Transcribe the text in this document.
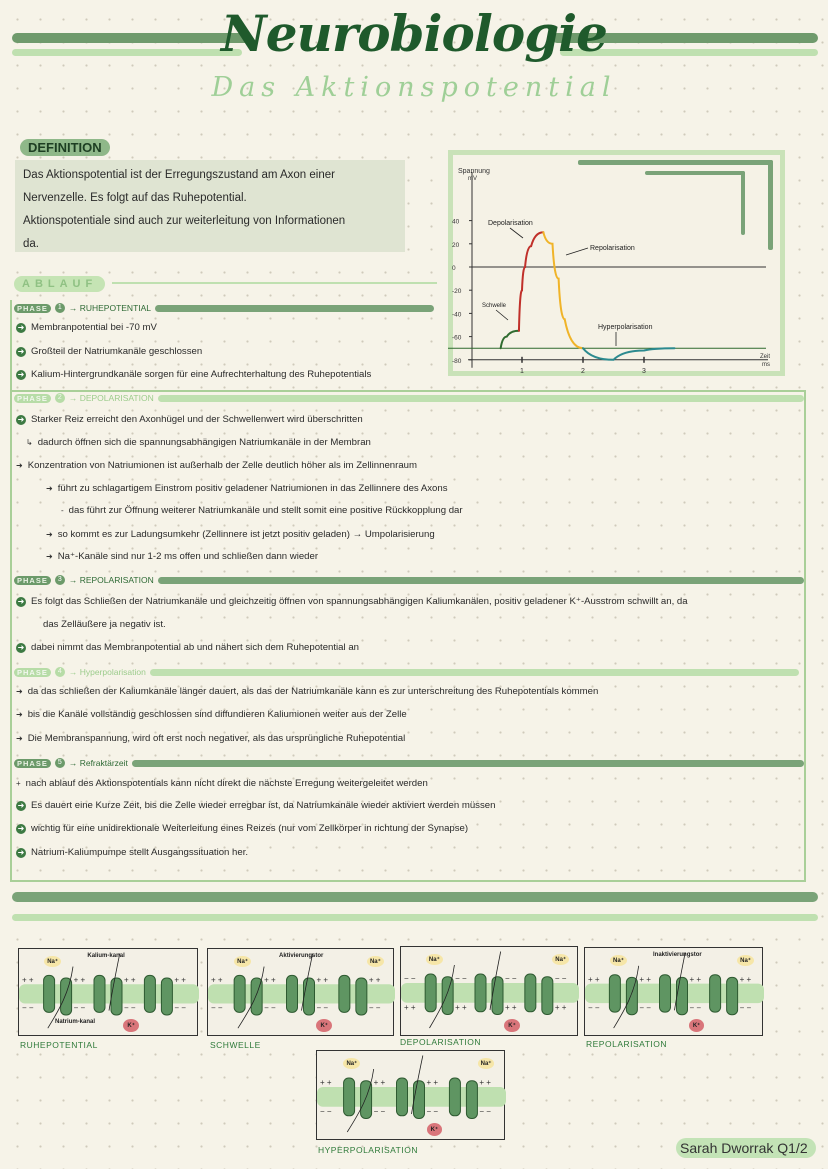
Neurobiologie
Das Aktionspotential
DEFINITION
Das Aktionspotential ist der Erregungszustand am Axon einer
Nervenzelle. Es folgt auf das Ruhepotential.
Aktionspotentiale sind auch zur weiterleitung von Informationen
da.
Spannung
mV
Zeit
ms
40
20
0
-20
-40
-60
-80
1	2	3
Depolarisation
Repolarisation
Schwelle
Hyperpolarisation
ABLAUF
PHASE	1 → RUHEPOTENTIAL
➜ Membranpotential bei -70 mV
➜ Großteil der Natriumkanäle geschlossen
➜ Kalium-Hintergrundkanäle sorgen für eine Aufrechterhaltung des Ruhepotentials
PHASE	2 → DEPOLARISATION
➜ Starker Reiz erreicht den Axonhügel und der Schwellenwert wird überschritten
↳ dadurch öffnen sich die spannungsabhängigen Natriumkanäle in der Membran
➜ Konzentration von Natriumionen ist außerhalb der Zelle deutlich höher als im Zellinnenraum
➜ führt zu schlagartigem Einstrom positiv geladener Natriumionen in das Zellinnere des Axons
- das führt zur Öffnung weiterer Natriumkanäle und stellt somit eine positive Rückkopplung dar
➜ so kommt es zur Ladungsumkehr (Zellinnere ist jetzt positiv geladen) → Umpolarisierung
➜ Na⁺-Kanäle sind nur 1-2 ms offen und schließen dann wieder
PHASE	3 → REPOLARISATION
➜ Es folgt das Schließen der Natriumkanäle und gleichzeitig öffnen von spannungsabhängigen Kaliumkanälen, positiv geladener K⁺-Ausstrom schwillt an, da
das Zelläußere ja negativ ist.
➜ dabei nimmt das Membranpotential ab und nähert sich dem Ruhepotential an
PHASE	4 → Hyperpolarisation
➜ da das schließen der Kaliumkanäle länger dauert, als das der Natriumkanäle kann es zur unterschreitung des Ruhepotentials kommen
➜ bis die Kanäle vollständig geschlossen sind diffundieren Kaliumionen weiter aus der Zelle
➜ Die Membranspannung, wird oft erst noch negativer, als das ursprüngliche Ruhepotential
PHASE	5 → Refraktärzeit
+ nach ablauf des Aktionspotentials kann nicht direkt die nächste Erregung weitergeleitet werden
➜ Es dauert eine Kurze Zeit, bis die Zelle wieder erregbar ist, da Natriumkanäle wieder aktiviert werden müssen
➜ wichtig für eine unidirektionale Weiterleitung eines Reizes (nur vom Zellkörper in richtung der Synapse)
➜ Natrium-Kaliumpumpe stellt Ausgangssituation her.
+ +
− −
+ +
− −
+ +
− −
+ +
− −
Na⁺
Kalium-kanal
Natrium-kanal
K⁺
RUHEPOTENTIAL
+ +
− −
+ +
− −
+ +
− −
+ +
− −
Aktivierungstor
Na⁺	Na⁺
K⁺
SCHWELLE
− −
+ +
− −
+ +
− −
+ +
− −
+ +
Na⁺	Na⁺
K⁺
DEPOLARISATION
+ +
− −
+ +
− −
+ +
− −
+ +
− −
Na⁺	Na⁺
Inaktivierungstor
K⁺
REPOLARISATION
+ +
− −
+ +
− −
+ +
− −
+ +
− −
Na⁺	Na⁺
K⁺
HYPERPOLARISATION	Sarah Dworrak Q1/2
